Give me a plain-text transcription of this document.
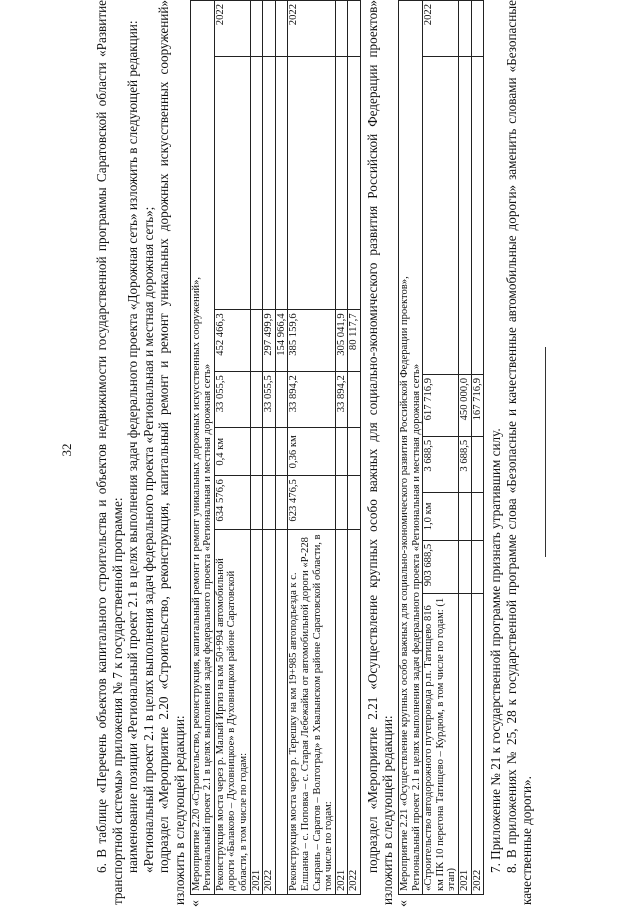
32 6. В таблице «Перечень объектов капитального строительства и объектов недвижимости государственной программы Саратовской области «Развитие транспортной системы» приложения № 7 к государственной программе: наименование позиции «Региональный проект 2.1 в целях выполнения задач федерального проекта «Дорожная сеть» изложить в следующей редакции: «Региональный проект 2.1 в целях выполнения задач федерального проекта «Региональная и местная дорожная сеть»; подраздел «Мероприятие 2.20 «Строительство, реконструкция, капитальный ремонт и ремонт уникальных дорожных искусственных сооружений» изложить в следующей редакции: «
Мероприятие 2.20 «Строительство, реконструкция, капитальный ремонт и ремонт уникальных дорожных искусственных сооружений»,
Региональный проект 2.1 в целях выполнения задач федерального проекта «Региональная и местная дорожная сеть»						
Реконструкция моста через р. Малый Иргиз на км 50+994 автомобильной дороги «Балаково – Духовницкое» в Духовницком районе Саратовской области, в том числе по годам:	634 576,6	0,4 км	33 055,5	452 466,3		2022
2021						
2022			33 055,5	297 499,9		
				154 966,4		
Реконструкция моста через р. Терешку на км 19+985 автоподъезда к с. Елшанка – с. Поповка – с. Старая Лебежайка от автомобильной дороги «Р-228 Сызрань – Саратов – Волгоград» в Хвалынском районе Саратовской области, в том числе по годам:	623 476,5	0,36 км	33 894,2	385 159,6		2022
2021			33 894,2	305 041,9		
2022				80 117,7		подраздел «Мероприятие 2.21 «Осуществление крупных особо важных для социально-экономического развития Российской Федерации проектов» изложить в следующей редакции: «
Мероприятие 2.21 «Осуществление крупных особо важных для социально-экономического развития Российской Федерации проектов»,
Региональный проект 2.1 в целях выполнения задач федерального проекта «Региональная и местная дорожная сеть»						
«Строительство автодорожного путепровода р.п. Татищево 816 км ПК 10 перегона Татищево – Курдюм, в том числе по годам: (1 этап)	903 688,5	1,0 км	3 688,5	617 716,9		2022
2021			3 688,5	450 000,0		
2022				167 716,9		

7. Приложение № 21 к государственной программе признать утратившим силу. 8. В приложениях № 25, 28 к государственной программе слова «Безопасные и качественные автомобильные дороги» заменить словами «Безопасные качественные дороги».
